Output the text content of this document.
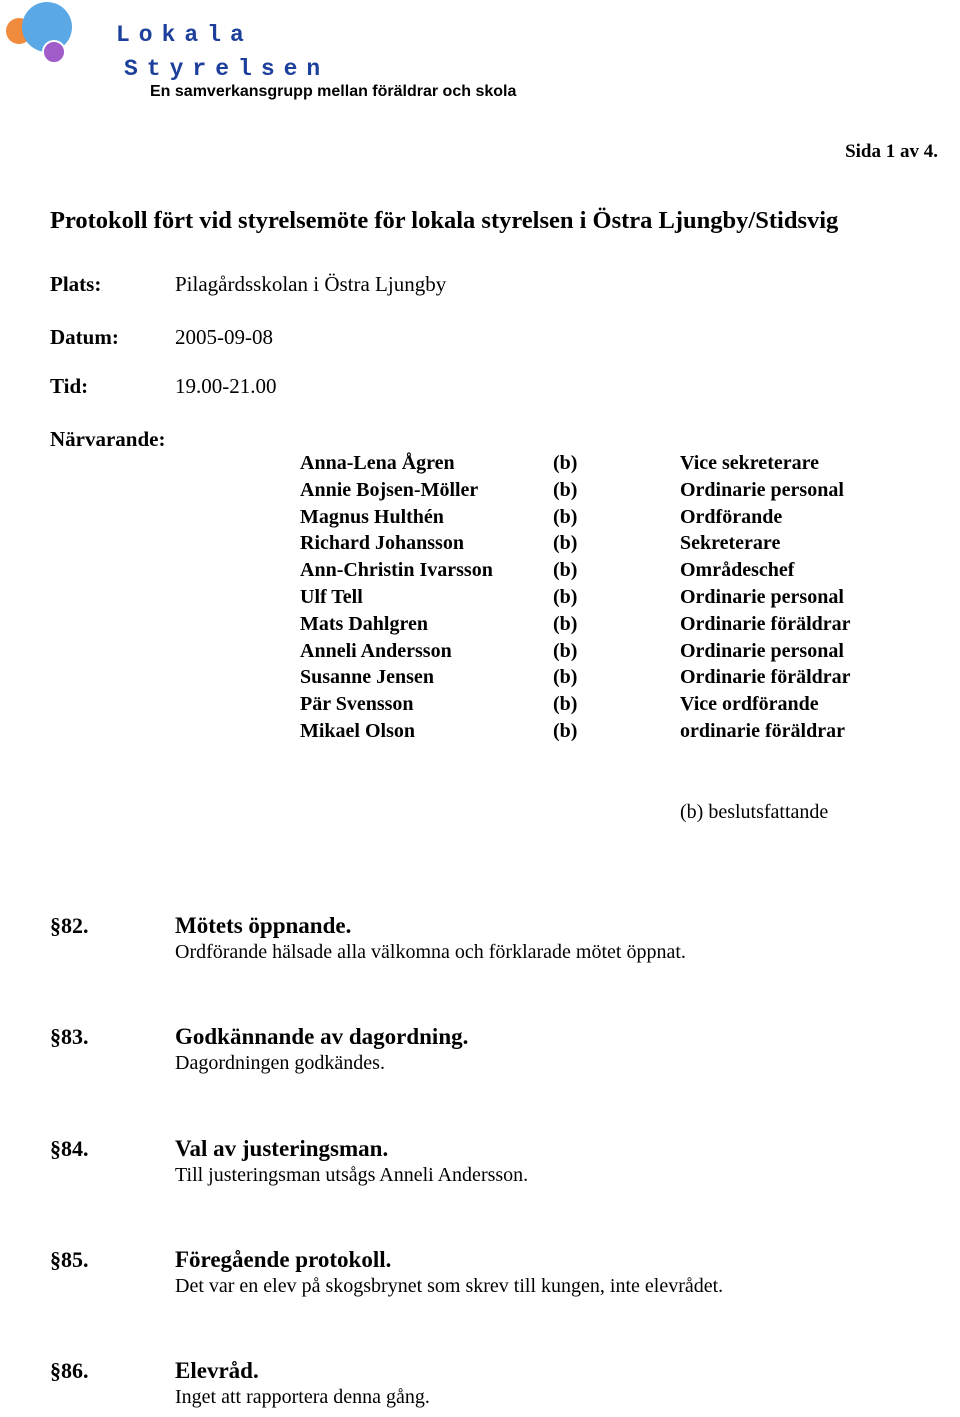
Lokala
Styrelsen
En samverkansgrupp mellan föräldrar och skola
Sida 1 av 4.
Protokoll fört vid styrelsemöte för lokala styrelsen i Östra Ljungby/Stidsvig
Plats:	Pilagårdsskolan i Östra Ljungby
Datum:	2005-09-08
Tid:	19.00-21.00
Närvarande:
Anna-Lena Ågren	(b)	Vice sekreterare
Annie Bojsen-Möller	(b)	Ordinarie personal
Magnus Hulthén	(b)	Ordförande
Richard Johansson	(b)	Sekreterare
Ann-Christin Ivarsson	(b)	Områdeschef
Ulf Tell	(b)	Ordinarie personal
Mats Dahlgren	(b)	Ordinarie föräldrar
Anneli Andersson	(b)	Ordinarie personal
Susanne Jensen	(b)	Ordinarie föräldrar
Pär Svensson	(b)	Vice ordförande
Mikael Olson	(b)	ordinarie föräldrar
(b) beslutsfattande
§82.	Mötets öppnande.
Ordförande hälsade alla välkomna och förklarade mötet öppnat.
§83.	Godkännande av dagordning.
Dagordningen godkändes.
§84.	Val av justeringsman.
Till justeringsman utsågs Anneli Andersson.
§85.	Föregående protokoll.
Det var en elev på skogsbrynet som skrev till kungen, inte elevrådet.
§86.	Elevråd.
Inget att rapportera denna gång.
